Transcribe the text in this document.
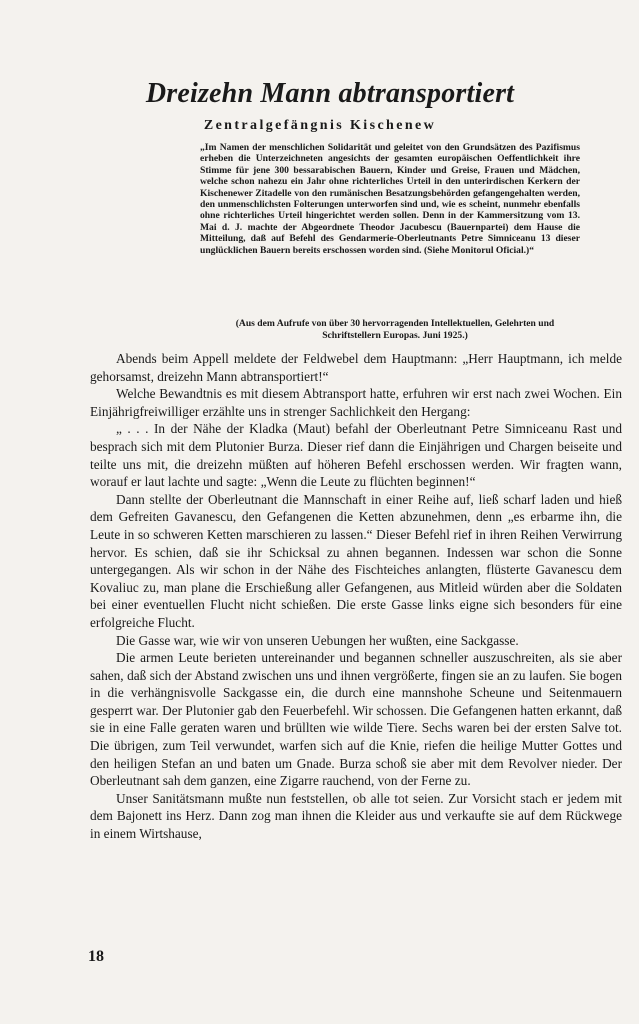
Dreizehn Mann abtransportiert
Zentralgefängnis Kischenew
„Im Namen der menschlichen Solidarität und geleitet von den Grundsätzen des Pazifismus erheben die Unterzeichneten angesichts der gesamten europäischen Oeffentlichkeit ihre Stimme für jene 300 bessarabischen Bauern, Kinder und Greise, Frauen und Mädchen, welche schon nahezu ein Jahr ohne richterliches Urteil in den unterirdischen Kerkern der Kischenewer Zitadelle von den rumänischen Besatzungsbehörden gefangengehalten werden, den unmenschlichsten Folterungen unterworfen sind und, wie es scheint, nunmehr ebenfalls ohne richterliches Urteil hingerichtet werden sollen. Denn in der Kammersitzung vom 13. Mai d. J. machte der Abgeordnete Theodor Jacubescu (Bauernpartei) dem Hause die Mitteilung, daß auf Befehl des Gendarmerie-Oberleutnants Petre Simniceanu 13 dieser unglücklichen Bauern bereits erschossen worden sind. (Siehe Monitorul Oficial.)“
(Aus dem Aufrufe von über 30 hervorragenden Intellektuellen, Gelehrten und Schriftstellern Europas. Juni 1925.)

Abends beim Appell meldete der Feldwebel dem Hauptmann: „Herr Hauptmann, ich melde gehorsamst, dreizehn Mann abtransportiert!“

Welche Bewandtnis es mit diesem Abtransport hatte, erfuhren wir erst nach zwei Wochen. Ein Einjährigfreiwilliger erzählte uns in strenger Sachlichkeit den Hergang:

„ . . . In der Nähe der Kladka (Maut) befahl der Oberleutnant Petre Simniceanu Rast und besprach sich mit dem Plutonier Burza. Dieser rief dann die Einjährigen und Chargen beiseite und teilte uns mit, die dreizehn müßten auf höheren Befehl erschossen werden. Wir fragten wann, worauf er laut lachte und sagte: „Wenn die Leute zu flüchten beginnen!“

Dann stellte der Oberleutnant die Mannschaft in einer Reihe auf, ließ scharf laden und hieß dem Gefreiten Gavanescu, den Gefangenen die Ketten abzunehmen, denn „es erbarme ihn, die Leute in so schweren Ketten marschieren zu lassen.“ Dieser Befehl rief in ihren Reihen Verwirrung hervor. Es schien, daß sie ihr Schicksal zu ahnen begannen. Indessen war schon die Sonne untergegangen. Als wir schon in der Nähe des Fischteiches anlangten, flüsterte Gavanescu dem Kovaliuc zu, man plane die Erschießung aller Gefangenen, aus Mitleid würden aber die Soldaten bei einer eventuellen Flucht nicht schießen. Die erste Gasse links eigne sich besonders für eine erfolgreiche Flucht.

Die Gasse war, wie wir von unseren Uebungen her wußten, eine Sackgasse.

Die armen Leute berieten untereinander und begannen schneller auszuschreiten, als sie aber sahen, daß sich der Abstand zwischen uns und ihnen vergrößerte, fingen sie an zu laufen. Sie bogen in die verhängnisvolle Sackgasse ein, die durch eine mannshohe Scheune und Seitenmauern gesperrt war. Der Plutonier gab den Feuerbefehl. Wir schossen. Die Gefangenen hatten erkannt, daß sie in eine Falle geraten waren und brüllten wie wilde Tiere. Sechs waren bei der ersten Salve tot. Die übrigen, zum Teil verwundet, warfen sich auf die Knie, riefen die heilige Mutter Gottes und den heiligen Stefan an und baten um Gnade. Burza schoß sie aber mit dem Revolver nieder. Der Oberleutnant sah dem ganzen, eine Zigarre rauchend, von der Ferne zu.

Unser Sanitätsmann mußte nun feststellen, ob alle tot seien. Zur Vorsicht stach er jedem mit dem Bajonett ins Herz. Dann zog man ihnen die Kleider aus und verkaufte sie auf dem Rückwege in einem Wirtshause,

18
